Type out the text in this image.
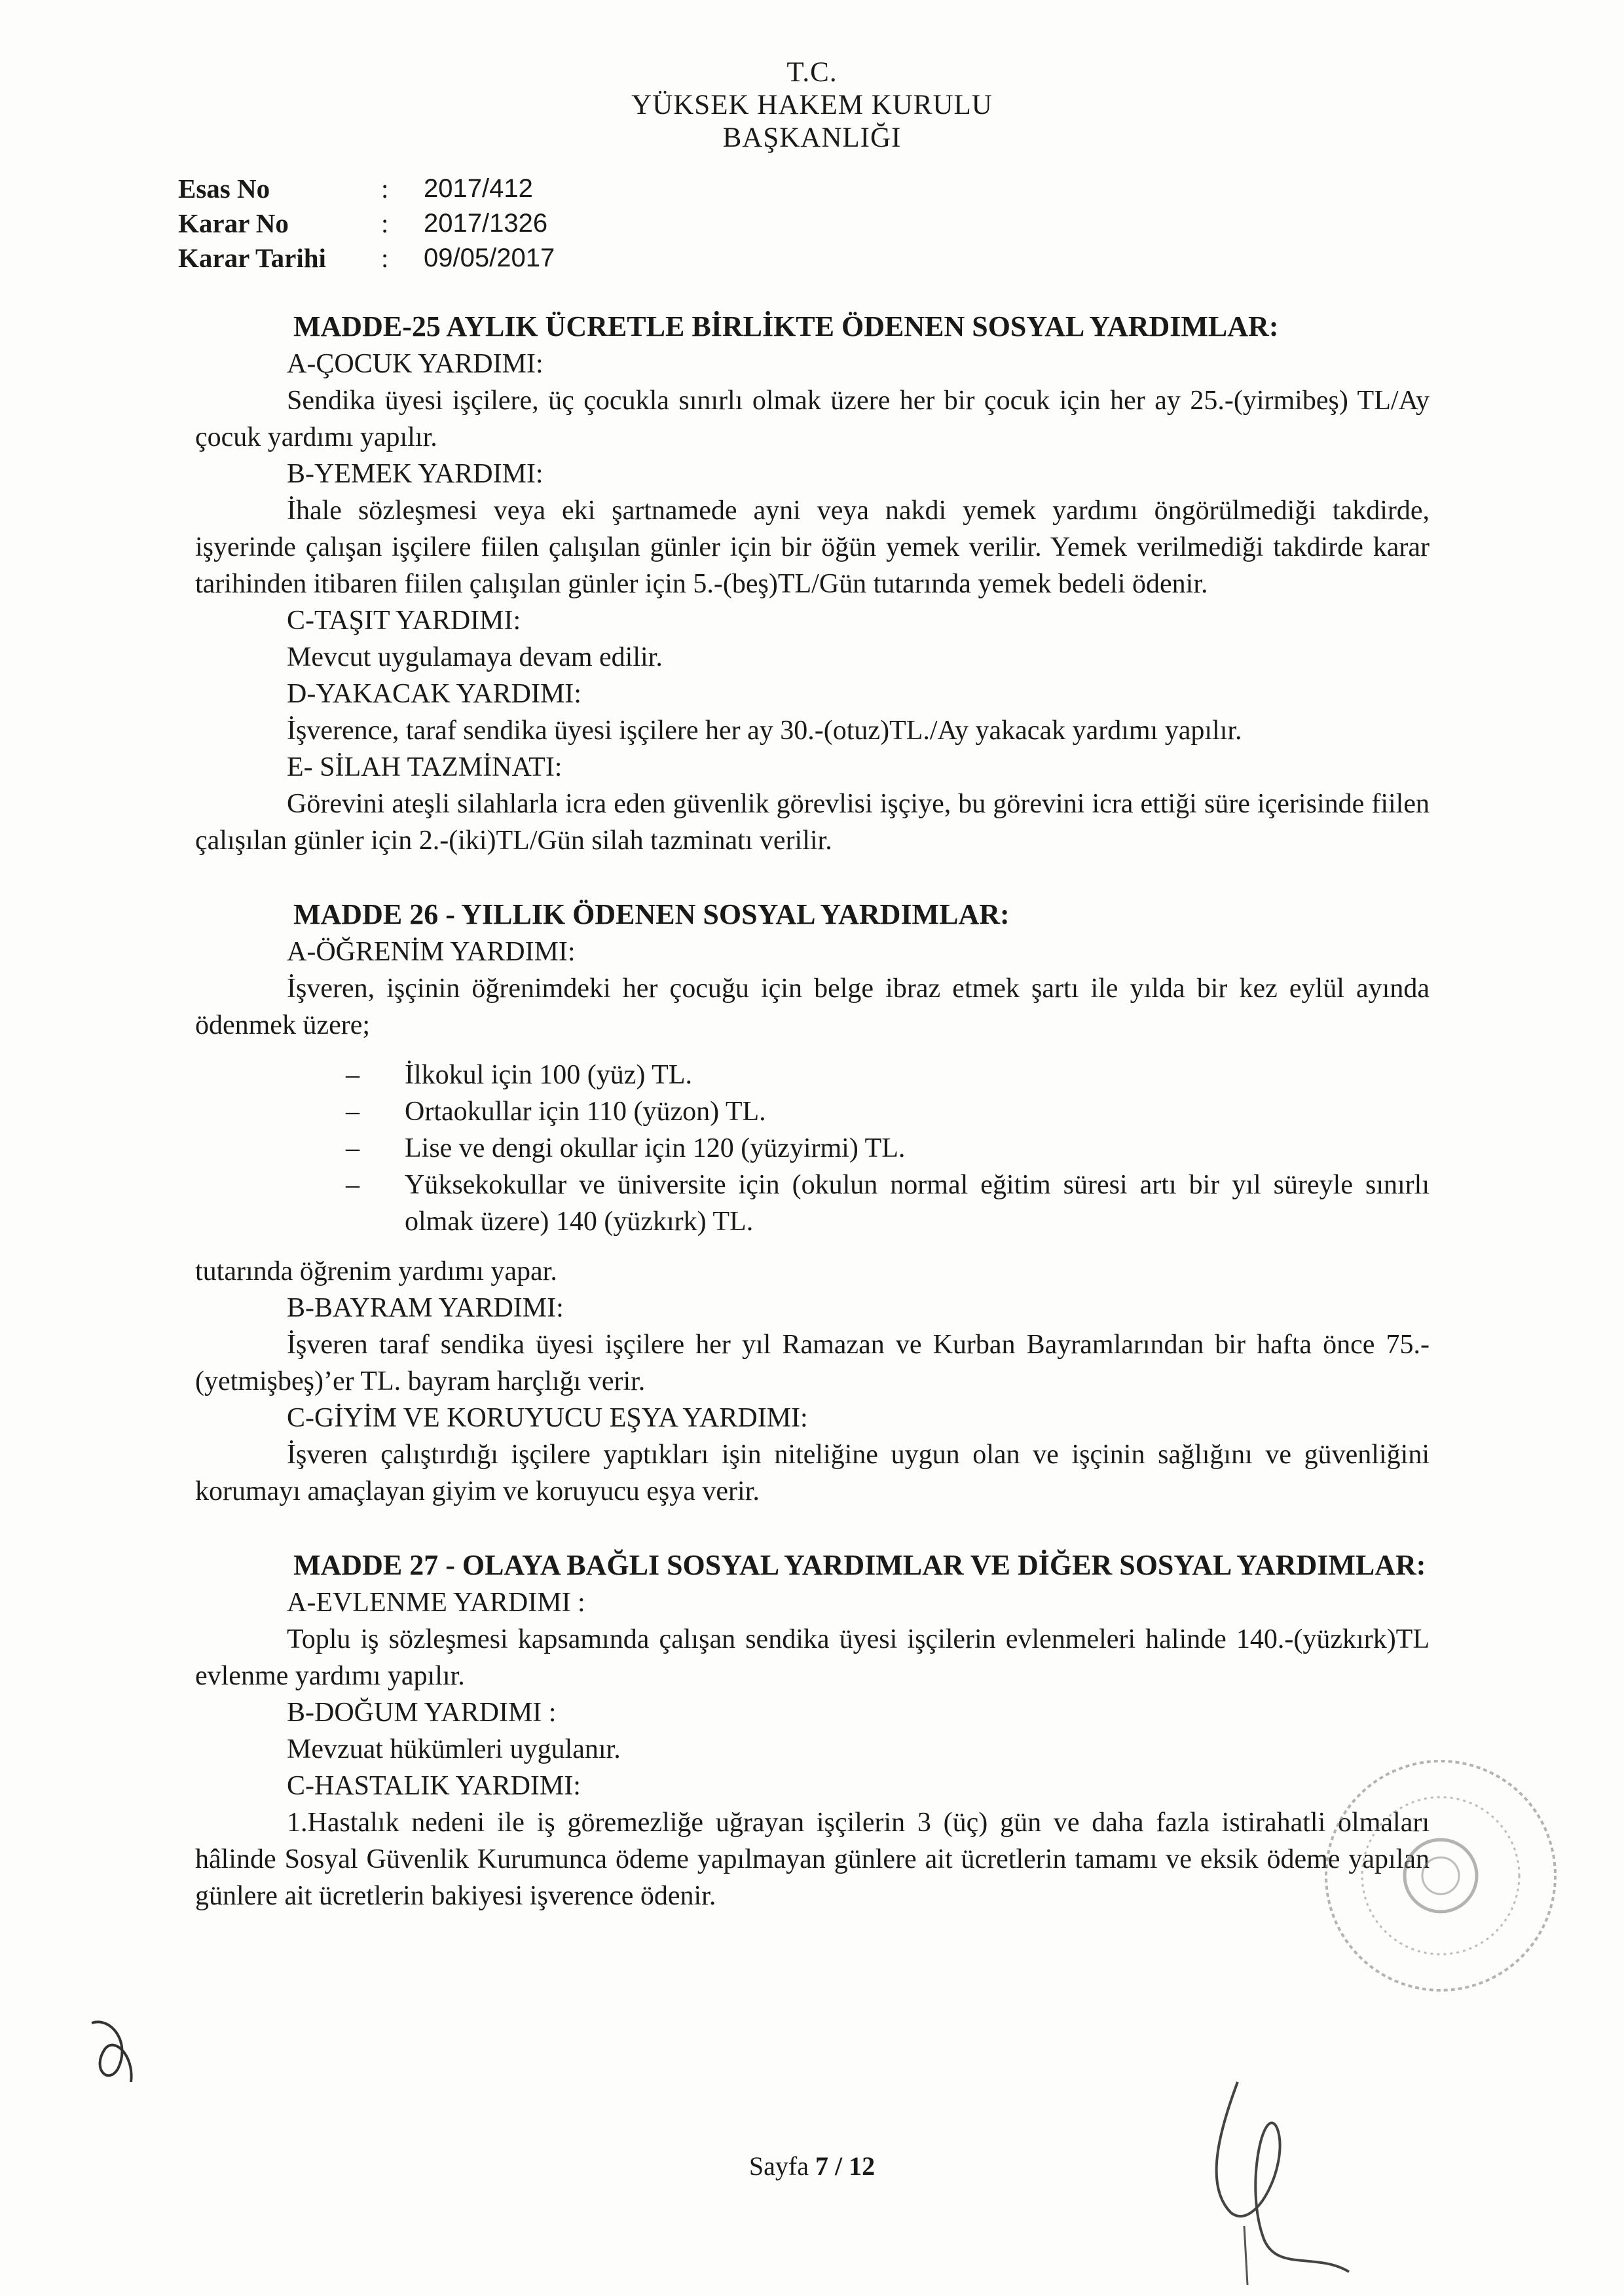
T.C.
YÜKSEK HAKEM KURULU
BAŞKANLIĞI
Esas No	:	2017/412
Karar No	:	2017/1326
Karar Tarihi	:	09/05/2017
MADDE-25 AYLIK ÜCRETLE BİRLİKTE ÖDENEN SOSYAL YARDIMLAR:
A-ÇOCUK YARDIMI:
Sendika üyesi işçilere, üç çocukla sınırlı olmak üzere her bir çocuk için her ay 25.-(yirmibeş) TL/Ay çocuk yardımı yapılır.
B-YEMEK YARDIMI:
İhale sözleşmesi veya eki şartnamede ayni veya nakdi yemek yardımı öngörülmediği takdirde, işyerinde çalışan işçilere fiilen çalışılan günler için bir öğün yemek verilir. Yemek verilmediği takdirde karar tarihinden itibaren fiilen çalışılan günler için 5.-(beş)TL/Gün tutarında yemek bedeli ödenir.
C-TAŞIT YARDIMI:
Mevcut uygulamaya devam edilir.
D-YAKACAK YARDIMI:
İşverence, taraf sendika üyesi işçilere her ay 30.-(otuz)TL./Ay yakacak yardımı yapılır.
E- SİLAH TAZMİNATI:
Görevini ateşli silahlarla icra eden güvenlik görevlisi işçiye, bu görevini icra ettiği süre içerisinde fiilen çalışılan günler için 2.-(iki)TL/Gün silah tazminatı verilir.
MADDE 26 - YILLIK ÖDENEN SOSYAL YARDIMLAR:
A-ÖĞRENİM YARDIMI:
İşveren, işçinin öğrenimdeki her çocuğu için belge ibraz etmek şartı ile yılda bir kez eylül ayında ödenmek üzere;
– İlkokul için 100 (yüz) TL.
– Ortaokullar için 110 (yüzon) TL.
– Lise ve dengi okullar için 120 (yüzyirmi) TL.
– Yüksekokullar ve üniversite için (okulun normal eğitim süresi artı bir yıl süreyle sınırlı olmak üzere) 140 (yüzkırk) TL.
tutarında öğrenim yardımı yapar.
B-BAYRAM YARDIMI:
İşveren taraf sendika üyesi işçilere her yıl Ramazan ve Kurban Bayramlarından bir hafta önce 75.-(yetmişbeş)’er TL. bayram harçlığı verir.
C-GİYİM VE KORUYUCU EŞYA YARDIMI:
İşveren çalıştırdığı işçilere yaptıkları işin niteliğine uygun olan ve işçinin sağlığını ve güvenliğini korumayı amaçlayan giyim ve koruyucu eşya verir.
MADDE 27 - OLAYA BAĞLI SOSYAL YARDIMLAR VE DİĞER SOSYAL YARDIMLAR:
A-EVLENME YARDIMI :
Toplu iş sözleşmesi kapsamında çalışan sendika üyesi işçilerin evlenmeleri halinde 140.-(yüzkırk)TL evlenme yardımı yapılır.
B-DOĞUM YARDIMI :
Mevzuat hükümleri uygulanır.
C-HASTALIK YARDIMI:
1.Hastalık nedeni ile iş göremezliğe uğrayan işçilerin 3 (üç) gün ve daha fazla istirahatli olmaları hâlinde Sosyal Güvenlik Kurumunca ödeme yapılmayan günlere ait ücretlerin tamamı ve eksik ödeme yapılan günlere ait ücretlerin bakiyesi işverence ödenir.
Sayfa 7 / 12
